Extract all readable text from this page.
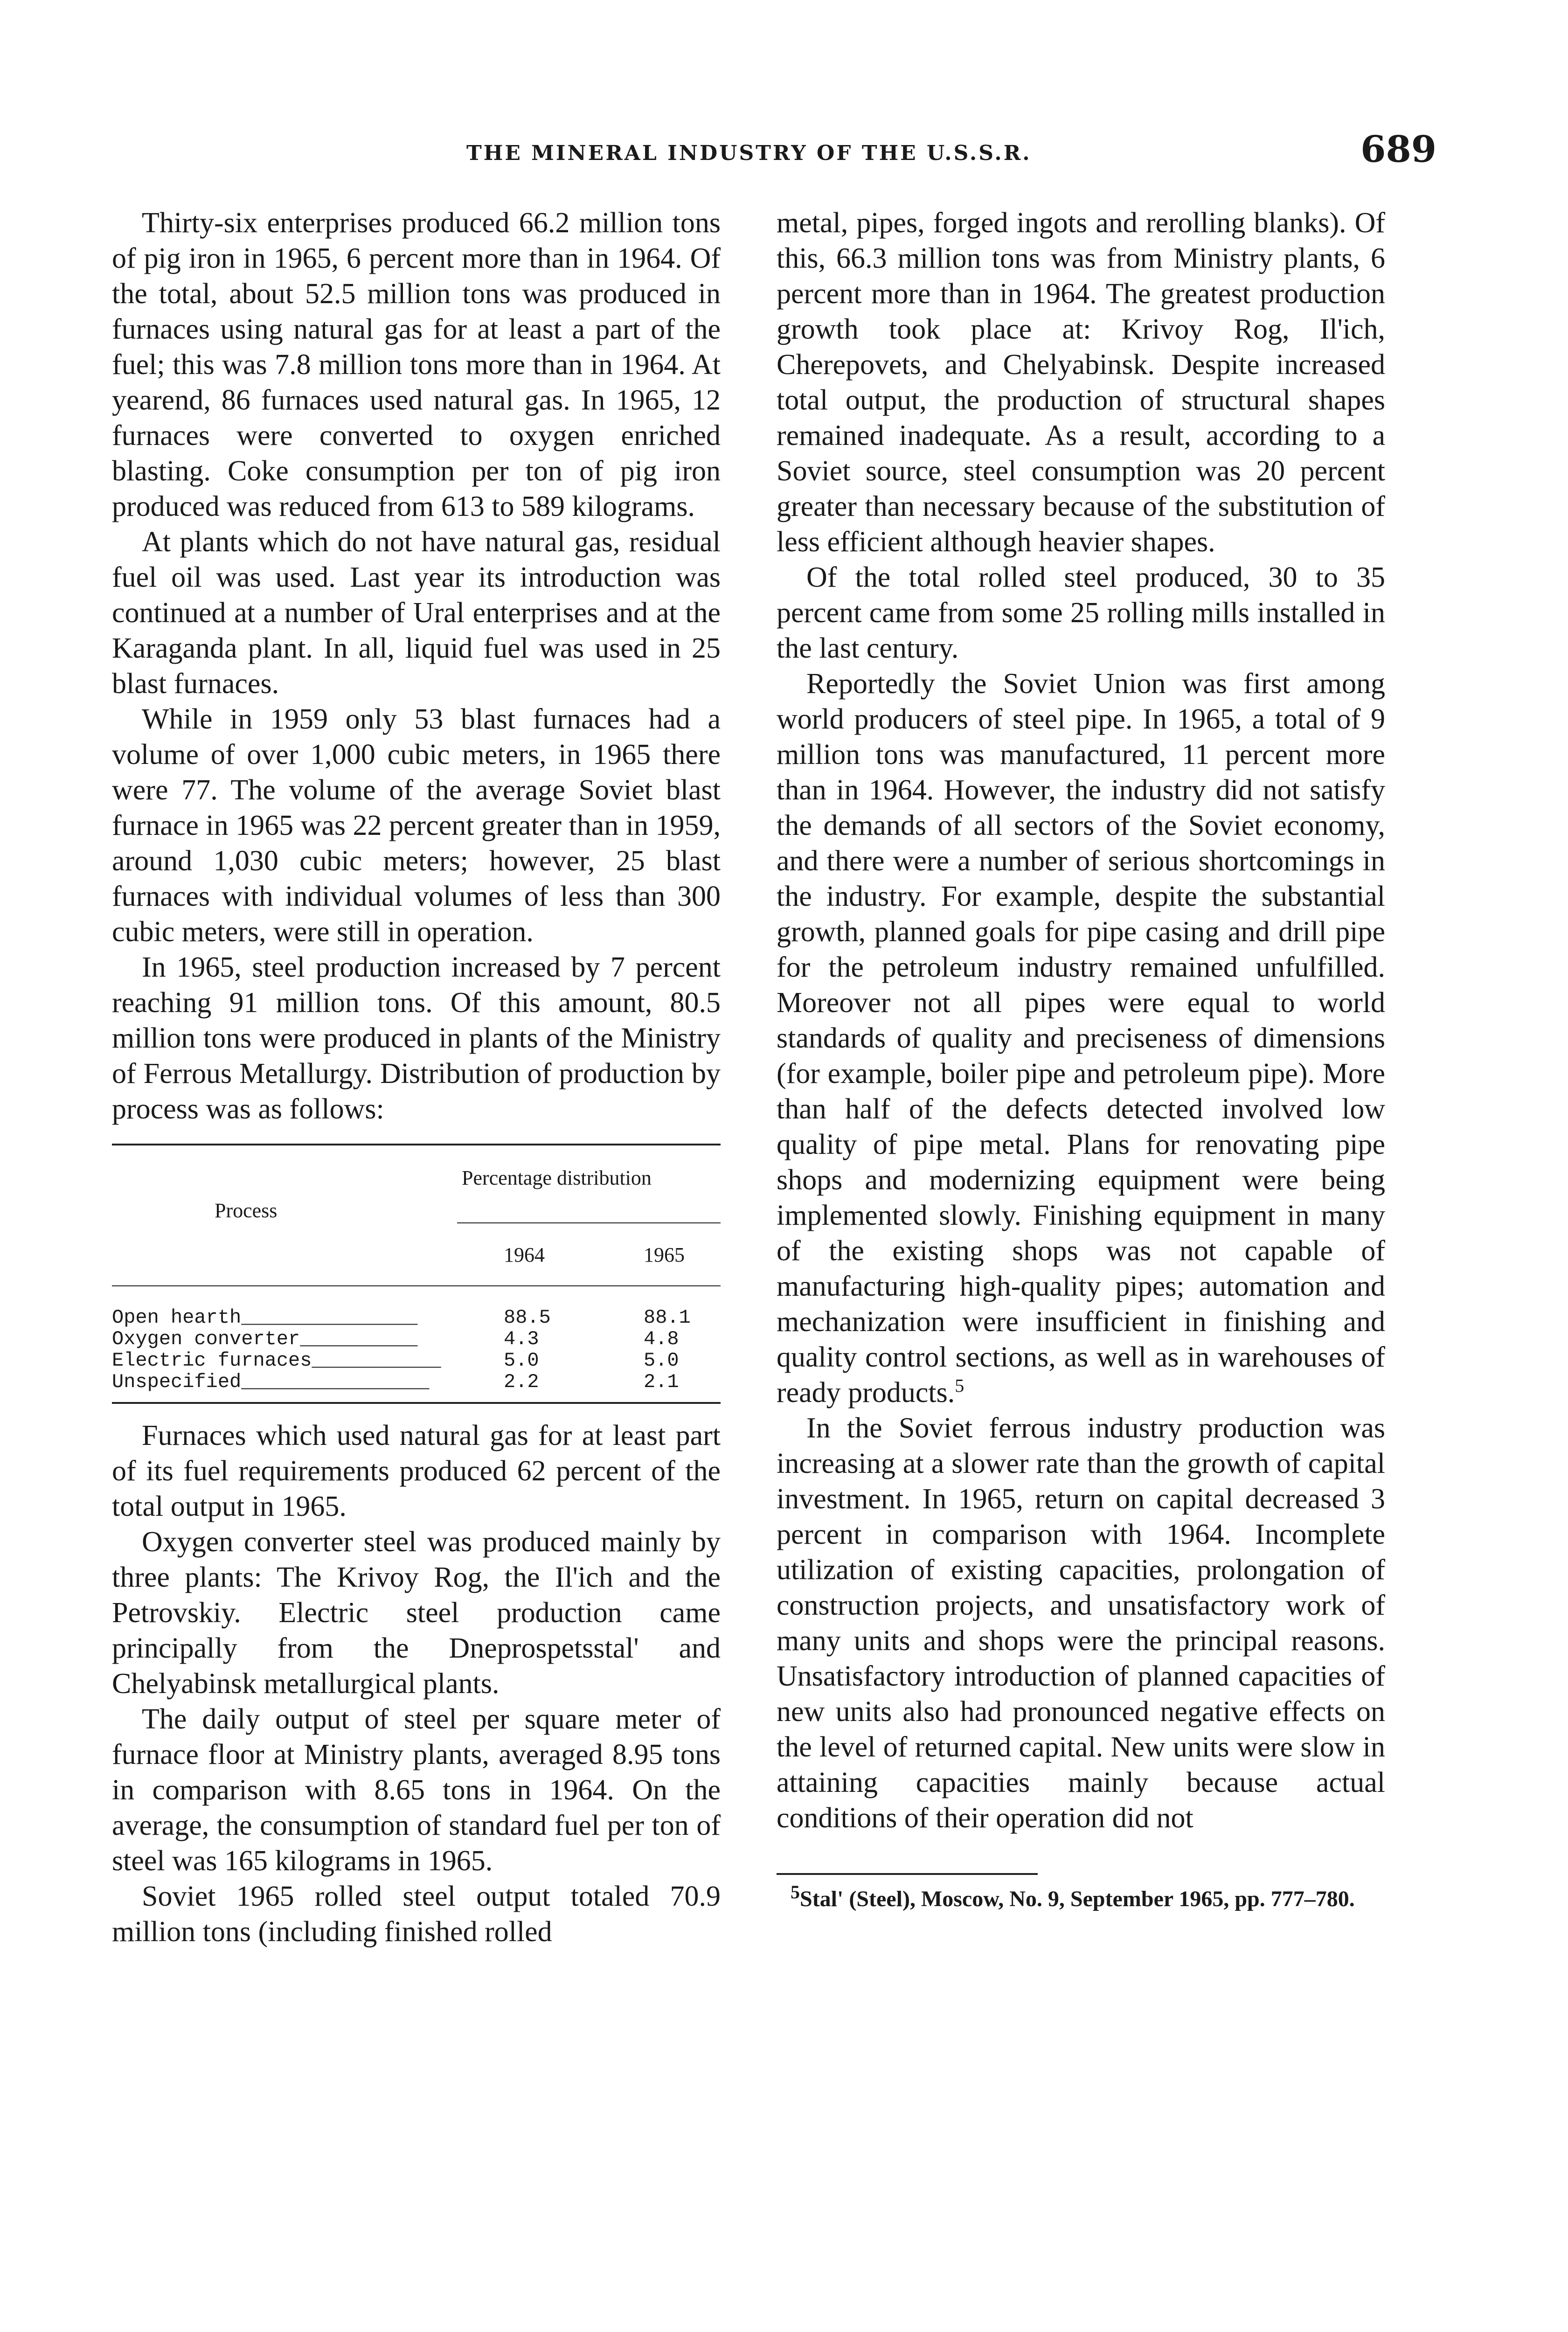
THE MINERAL INDUSTRY OF THE U.S.S.R.	689

Thirty-six enterprises produced 66.2 million tons of pig iron in 1965, 6 percent more than in 1964. Of the total, about 52.5 million tons was produced in furnaces using natural gas for at least a part of the fuel; this was 7.8 million tons more than in 1964. At yearend, 86 furnaces used natural gas. In 1965, 12 furnaces were converted to oxygen enriched blasting. Coke consumption per ton of pig iron produced was reduced from 613 to 589 kilograms.

At plants which do not have natural gas, residual fuel oil was used. Last year its introduction was continued at a number of Ural enterprises and at the Karaganda plant. In all, liquid fuel was used in 25 blast furnaces.

While in 1959 only 53 blast furnaces had a volume of over 1,000 cubic meters, in 1965 there were 77. The volume of the average Soviet blast furnace in 1965 was 22 percent greater than in 1959, around 1,030 cubic meters; however, 25 blast furnaces with individual volumes of less than 300 cubic meters, were still in operation.

In 1965, steel production increased by 7 percent reaching 91 million tons. Of this amount, 80.5 million tons were produced in plants of the Ministry of Ferrous Metallurgy. Distribution of production by process was as follows:

Process
Percentage distribution
1964	1965
Open hearth_______________	88.5	88.1
Oxygen converter__________	4.3	4.8
Electric furnaces___________	5.0	5.0
Unspecified________________	2.2	2.1

Furnaces which used natural gas for at least part of its fuel requirements produced 62 percent of the total output in 1965.

Oxygen converter steel was produced mainly by three plants: The Krivoy Rog, the Il'ich and the Petrovskiy. Electric steel production came principally from the Dneprospetsstal' and Chelyabinsk metallurgical plants.

The daily output of steel per square meter of furnace floor at Ministry plants, averaged 8.95 tons in comparison with 8.65 tons in 1964. On the average, the consumption of standard fuel per ton of steel was 165 kilograms in 1965.

Soviet 1965 rolled steel output totaled 70.9 million tons (including finished rolled

metal, pipes, forged ingots and rerolling blanks). Of this, 66.3 million tons was from Ministry plants, 6 percent more than in 1964. The greatest production growth took place at: Krivoy Rog, Il'ich, Cherepovets, and Chelyabinsk. Despite increased total output, the production of structural shapes remained inadequate. As a result, according to a Soviet source, steel consumption was 20 percent greater than necessary because of the substitution of less efficient although heavier shapes.

Of the total rolled steel produced, 30 to 35 percent came from some 25 rolling mills installed in the last century.

Reportedly the Soviet Union was first among world producers of steel pipe. In 1965, a total of 9 million tons was manufactured, 11 percent more than in 1964. However, the industry did not satisfy the demands of all sectors of the Soviet economy, and there were a number of serious shortcomings in the industry. For example, despite the substantial growth, planned goals for pipe casing and drill pipe for the petroleum industry remained unfulfilled. Moreover not all pipes were equal to world standards of quality and preciseness of dimensions (for example, boiler pipe and petroleum pipe). More than half of the defects detected involved low quality of pipe metal. Plans for renovating pipe shops and modernizing equipment were being implemented slowly. Finishing equipment in many of the existing shops was not capable of manufacturing high-quality pipes; automation and mechanization were insufficient in finishing and quality control sections, as well as in warehouses of ready products.$^5$

In the Soviet ferrous industry production was increasing at a slower rate than the growth of capital investment. In 1965, return on capital decreased 3 percent in comparison with 1964. Incomplete utilization of existing capacities, prolongation of construction projects, and unsatisfactory work of many units and shops were the principal reasons. Unsatisfactory introduction of planned capacities of new units also had pronounced negative effects on the level of returned capital. New units were slow in attaining capacities mainly because actual conditions of their operation did not

$^5$Stal' (Steel), Moscow, No. 9, September 1965, pp. 777–780.
